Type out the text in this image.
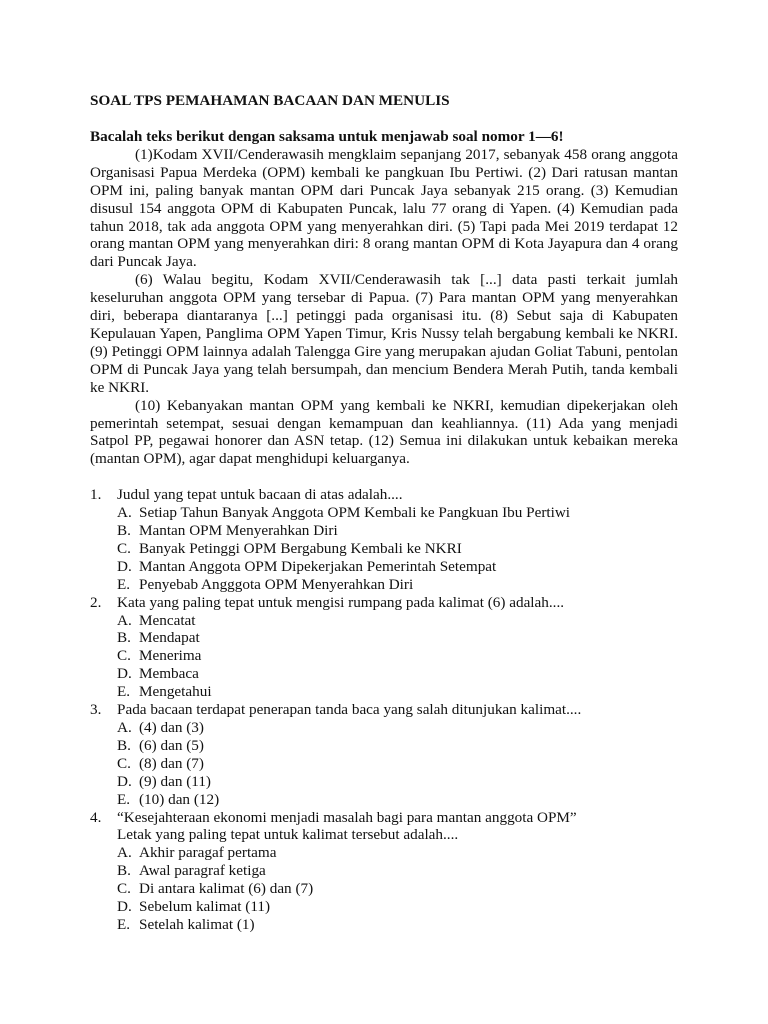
SOAL TPS PEMAHAMAN BACAAN DAN MENULIS
Bacalah teks berikut dengan saksama untuk menjawab soal nomor 1—6!

(1)Kodam XVII/Cenderawasih mengklaim sepanjang 2017, sebanyak 458 orang anggota Organisasi Papua Merdeka (OPM) kembali ke pangkuan Ibu Pertiwi. (2) Dari ratusan mantan OPM ini, paling banyak mantan OPM dari Puncak Jaya sebanyak 215 orang. (3) Kemudian disusul 154 anggota OPM di Kabupaten Puncak, lalu 77 orang di Yapen. (4) Kemudian pada tahun 2018, tak ada anggota OPM yang menyerahkan diri. (5) Tapi pada Mei 2019 terdapat 12 orang mantan OPM yang menyerahkan diri: 8 orang mantan OPM di Kota Jayapura dan 4 orang dari Puncak Jaya.

(6) Walau begitu, Kodam XVII/Cenderawasih tak [...] data pasti terkait jumlah keseluruhan anggota OPM yang tersebar di Papua. (7) Para mantan OPM yang menyerahkan diri, beberapa diantaranya [...] petinggi pada organisasi itu. (8) Sebut saja di Kabupaten Kepulauan Yapen, Panglima OPM Yapen Timur, Kris Nussy telah bergabung kembali ke NKRI. (9) Petinggi OPM lainnya adalah Talengga Gire yang merupakan ajudan Goliat Tabuni, pentolan OPM di Puncak Jaya yang telah bersumpah, dan mencium Bendera Merah Putih, tanda kembali ke NKRI.

(10) Kebanyakan mantan OPM yang kembali ke NKRI, kemudian dipekerjakan oleh pemerintah setempat, sesuai dengan kemampuan dan keahliannya. (11) Ada yang menjadi Satpol PP, pegawai honorer dan ASN tetap. (12) Semua ini dilakukan untuk kebaikan mereka (mantan OPM), agar dapat menghidupi keluarganya.

1. Judul yang tepat untuk bacaan di atas adalah....
A. Setiap Tahun Banyak Anggota OPM Kembali ke Pangkuan Ibu Pertiwi
B. Mantan OPM Menyerahkan Diri
C. Banyak Petinggi OPM Bergabung Kembali ke NKRI
D. Mantan Anggota OPM Dipekerjakan Pemerintah Setempat
E. Penyebab Angggota OPM Menyerahkan Diri
2. Kata yang paling tepat untuk mengisi rumpang pada kalimat (6) adalah....
A. Mencatat
B. Mendapat
C. Menerima
D. Membaca
E. Mengetahui
3. Pada bacaan terdapat penerapan tanda baca yang salah ditunjukan kalimat....
A. (4) dan (3)
B. (6) dan (5)
C. (8) dan (7)
D. (9) dan (11)
E. (10) dan (12)
4. “Kesejahteraan ekonomi menjadi masalah bagi para mantan anggota OPM”
Letak yang paling tepat untuk kalimat tersebut adalah....
A. Akhir paragaf pertama
B. Awal paragraf ketiga
C. Di antara kalimat (6) dan (7)
D. Sebelum kalimat (11)
E. Setelah kalimat (1)
